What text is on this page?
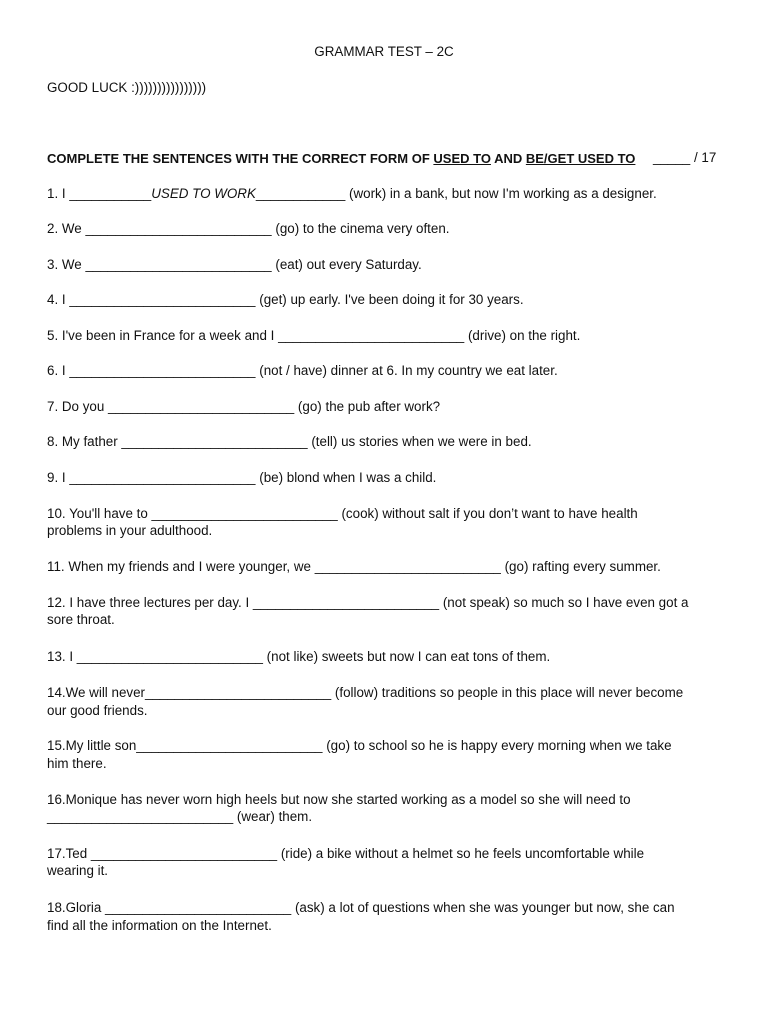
GRAMMAR TEST – 2C
GOOD LUCK :))))))))))))))))
COMPLETE THE SENTENCES WITH THE CORRECT FORM OF USED TO AND BE/GET USED TO	_____ / 17
1. I ___________USED TO WORK____________ (work) in a bank, but now I'm working as a designer.
2. We _________________________ (go) to the cinema very often.
3. We _________________________ (eat) out every Saturday.
4. I _________________________ (get) up early. I've been doing it for 30 years.
5. I've been in France for a week and I _________________________ (drive) on the right.
6. I _________________________ (not / have) dinner at 6. In my country we eat later.
7. Do you _________________________ (go) the pub after work?
8. My father _________________________ (tell) us stories when we were in bed.
9. I _________________________ (be) blond when I was a child.
10. You'll have to _________________________ (cook) without salt if you don’t want to have health
problems in your adulthood.
11. When my friends and I were younger, we _________________________ (go) rafting every summer.
12. I have three lectures per day. I _________________________ (not speak) so much so I have even got a
sore throat.
13. I _________________________ (not like) sweets but now I can eat tons of them.
14.We will never_________________________ (follow) traditions so people in this place will never become
our good friends.
15.My little son_________________________ (go) to school so he is happy every morning when we take
him there.
16.Monique has never worn high heels but now she started working as a model so she will need to
_________________________ (wear) them.
17.Ted _________________________ (ride) a bike without a helmet so he feels uncomfortable while
wearing it.
18.Gloria _________________________ (ask) a lot of questions when she was younger but now, she can
find all the information on the Internet.
